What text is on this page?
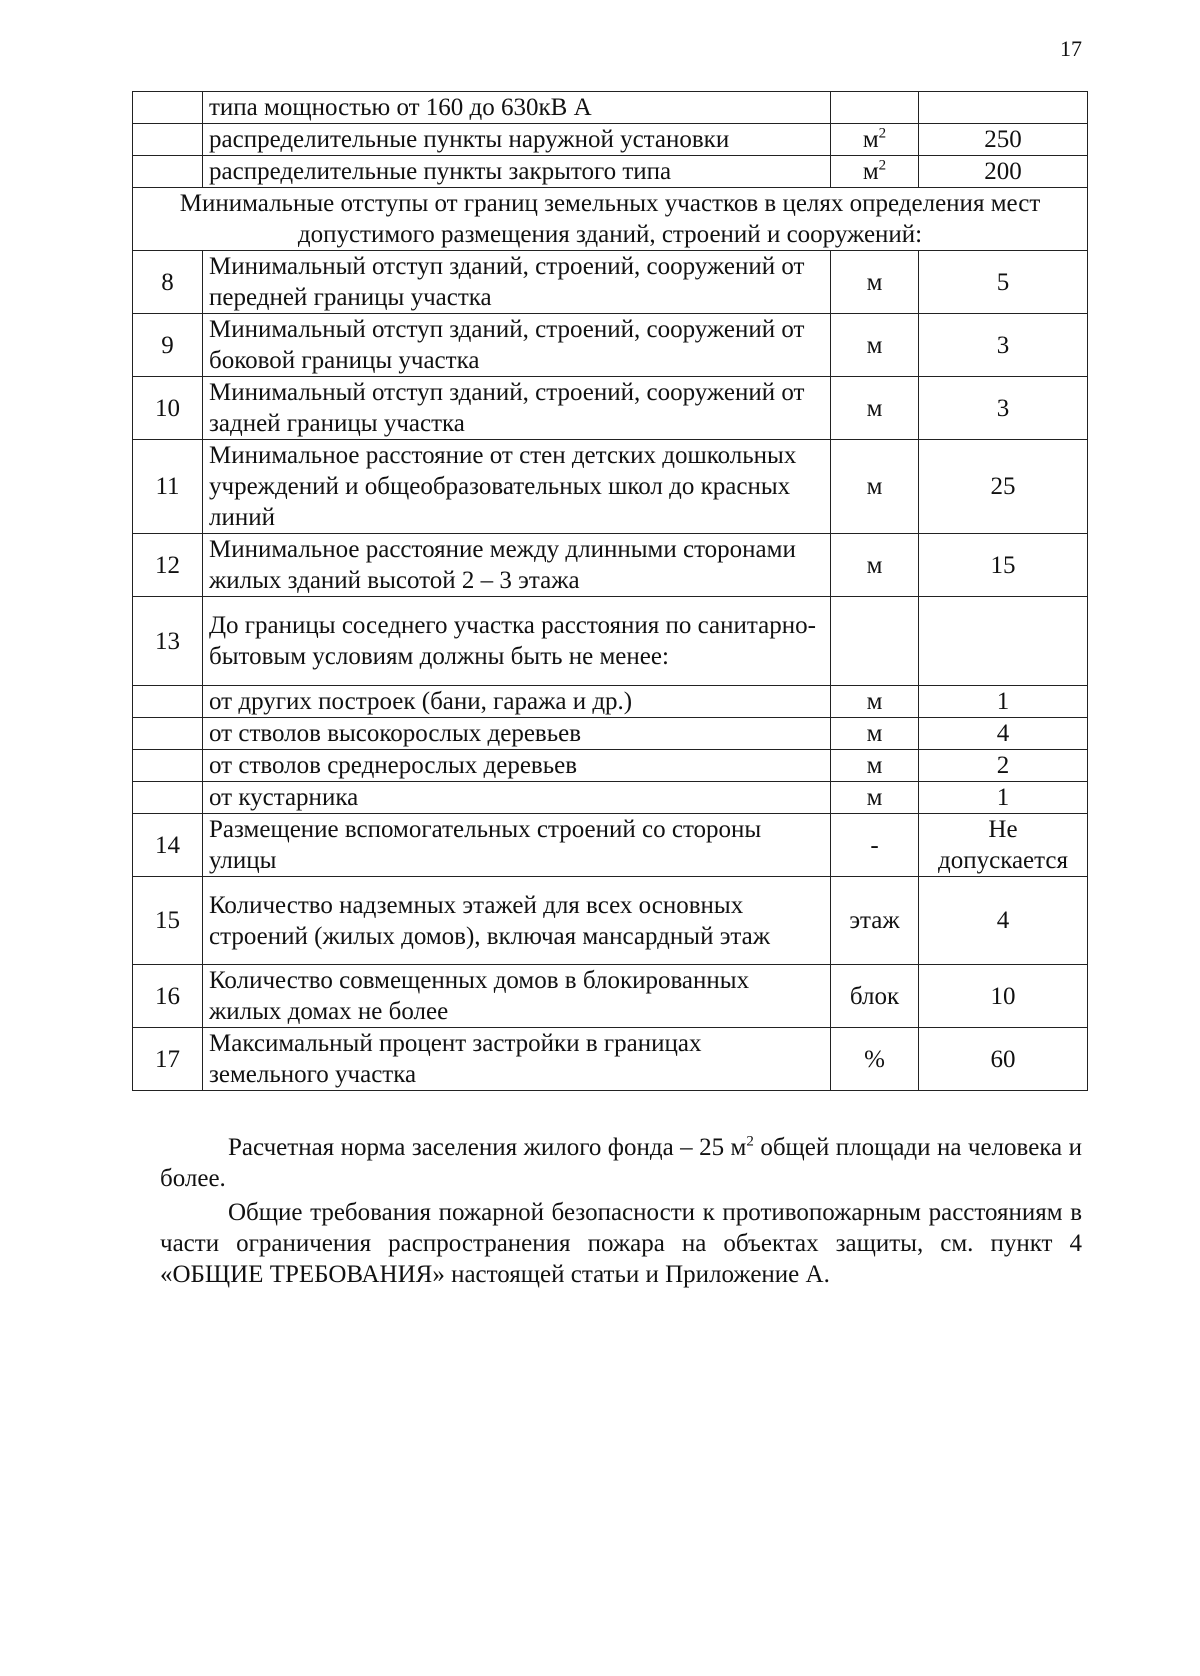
17
	типа мощностью от 160 до 630кВ А		
	распределительные пункты наружной установки	$м^2$	250
	распределительные пункты закрытого типа	$м^2$	200
Минимальные отступы от границ земельных участков в целях определения мест допустимого размещения зданий, строений и сооружений:			
8	Минимальный отступ зданий, строений, сооружений от передней границы участка	м	5
9	Минимальный отступ зданий, строений, сооружений от боковой границы участка	м	3
10	Минимальный отступ зданий, строений, сооружений от задней границы участка	м	3
11	Минимальное расстояние от стен детских дошкольных учреждений и общеобразовательных школ до красных линий	м	25
12	Минимальное расстояние между длинными сторонами жилых зданий высотой 2 – 3 этажа	м	15
13	До границы соседнего участка расстояния по санитарно-бытовым условиям должны быть не менее:		
	от других построек (бани, гаража и др.)	м	1
	от стволов высокорослых деревьев	м	4
	от стволов среднерослых деревьев	м	2
	от кустарника	м	1
14	Размещение вспомогательных строений со стороны улицы	-	Не допускается
15	Количество надземных этажей для всех основных строений (жилых домов), включая мансардный этаж	этаж	4
16	Количество совмещенных домов в блокированных жилых домах не более	блок	10
17	Максимальный процент застройки в границах земельного участка	%	60
Расчетная норма заселения жилого фонда – 25 $м^2$ общей площади на человека и более.
Общие требования пожарной безопасности к противопожарным расстояниям в части ограничения распространения пожара на объектах защиты, см. пункт 4 «ОБЩИЕ ТРЕБОВАНИЯ» настоящей статьи и Приложение А.
